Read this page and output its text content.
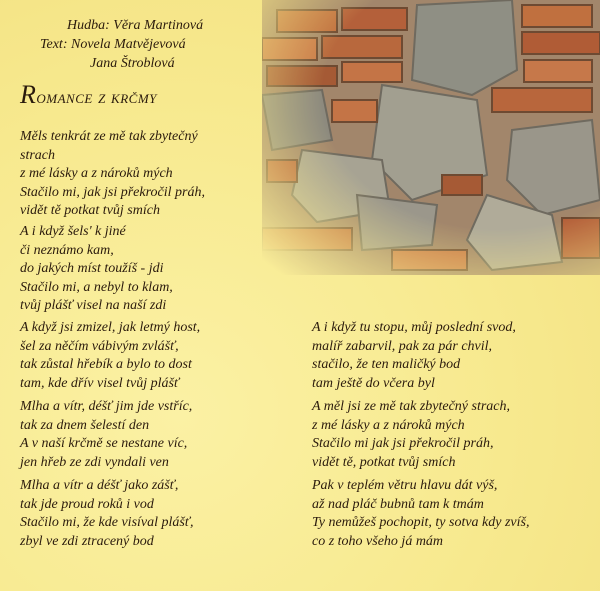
Hudba: Věra Martinová
Text: Novela Matvějevová
Jana Štroblová
Romance z krčmy
Měls tenkrát ze mě tak zbytečný
strach
z mé lásky a z nároků mých
Stačilo mi, jak jsi překročil práh,
vidět tě potkat tvůj smích
A i když šels' k jiné
či neznámo kam,
do jakých míst toužíš - jdi
Stačilo mi, a nebyl to klam,
tvůj plášť visel na naší zdi
A když jsi zmizel, jak letmý host,
šel za něčím vábivým zvlášť,
tak zůstal hřebík a bylo to dost
tam, kde dřív visel tvůj plášť
Mlha a vítr, déšť jim jde vstříc,
tak za dnem šelestí den
A v naší krčmě se nestane víc,
jen hřeb ze zdi vyndali ven
Mlha a vítr a déšť jako zášť,
tak jde proud roků i vod
Stačilo mi, že kde visíval plášť,
zbyl ve zdi ztracený bod
A i když tu stopu, můj poslední svod,
malíř zabarvil, pak za pár chvil,
stačilo, že ten maličký bod
tam ještě do včera byl
A měl jsi ze mě tak zbytečný strach,
z mé lásky a z nároků mých
Stačilo mi jak jsi překročil práh,
vidět tě, potkat tvůj smích
Pak v teplém větru hlavu dát výš,
až nad pláč bubnů tam k tmám
Ty nemůžeš pochopit, ty sotva kdy zvíš,
co z toho všeho já mám
